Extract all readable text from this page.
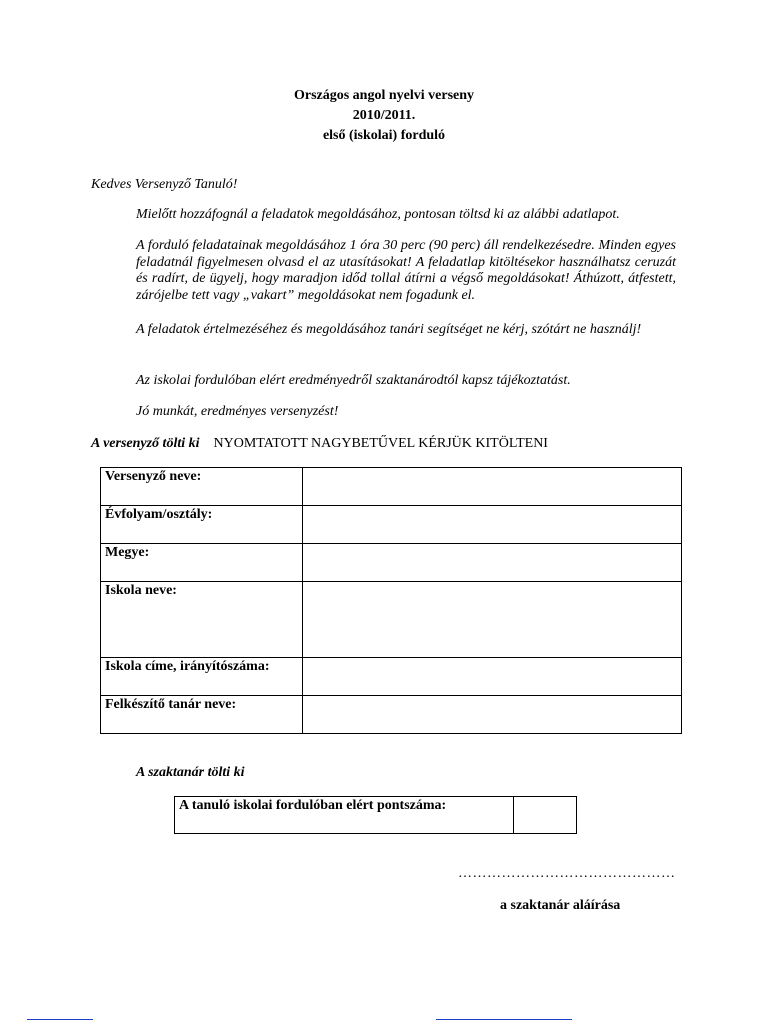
Országos angol nyelvi verseny
2010/2011.
első (iskolai) forduló
Kedves Versenyző Tanuló!

Mielőtt hozzáfognál a feladatok megoldásához, pontosan töltsd ki az alábbi adatlapot.

A forduló feladatainak megoldásához 1 óra 30 perc (90 perc) áll rendelkezésedre. Minden egyes feladatnál figyelmesen olvasd el az utasításokat! A feladatlap kitöltésekor használhatsz ceruzát és radírt, de ügyelj, hogy maradjon időd tollal átírni a végső megoldásokat! Áthúzott, átfestett, zárójelbe tett vagy „vakart” megoldásokat nem fogadunk el.

A feladatok értelmezéséhez és megoldásához tanári segítséget ne kérj, szótárt ne használj!

Az iskolai fordulóban elért eredményedről szaktanárodtól kapsz tájékoztatást.

Jó munkát, eredményes versenyzést!

A versenyző tölti ki NYOMTATOTT NAGYBETŰVEL KÉRJÜK KITÖLTENI
Versenyző neve:	
Évfolyam/osztály:	
Megye:	
Iskola neve:	
Iskola címe, irányítószáma:	
Felkészítő tanár neve:	
A szaktanár tölti ki
A tanuló iskolai fordulóban elért pontszáma:	
………………………………………
a szaktanár aláírása
